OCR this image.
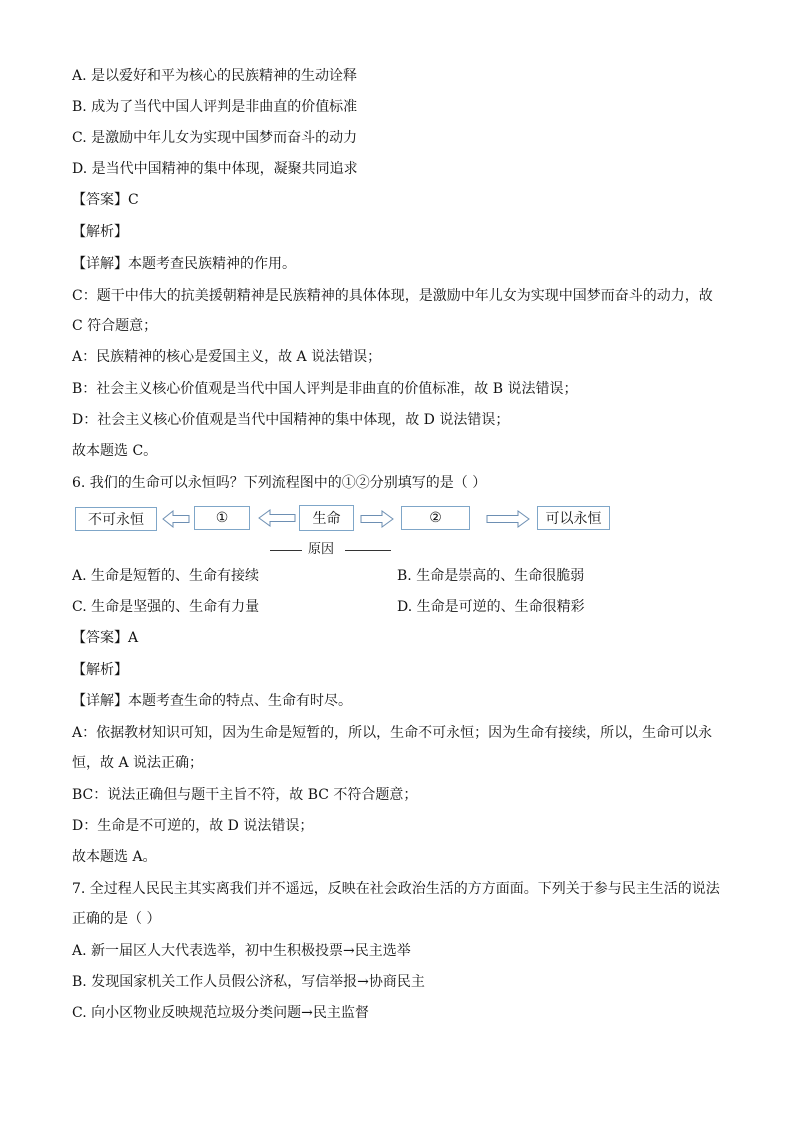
A. 是以爱好和平为核心的民族精神的生动诠释
B. 成为了当代中国人评判是非曲直的价值标准
C. 是激励中年儿女为实现中国梦而奋斗的动力
D. 是当代中国精神的集中体现，凝聚共同追求
【答案】C
【解析】
【详解】本题考查民族精神的作用。
C：题干中伟大的抗美援朝精神是民族精神的具体体现，是激励中年儿女为实现中国梦而奋斗的动力，故
C 符合题意；
A：民族精神的核心是爱国主义，故 A 说法错误；
B：社会主义核心价值观是当代中国人评判是非曲直的价值标准，故 B 说法错误；
D：社会主义核心价值观是当代中国精神的集中体现，故 D 说法错误；
故本题选 C。
6. 我们的生命可以永恒吗？下列流程图中的①②分别填写的是（ ）
不可永恒	①	生命	②	可以永恒
原因
A. 生命是短暂的、生命有接续	B. 生命是崇高的、生命很脆弱
C. 生命是坚强的、生命有力量	D. 生命是可逆的、生命很精彩
【答案】A
【解析】
【详解】本题考查生命的特点、生命有时尽。
A：依据教材知识可知，因为生命是短暂的，所以，生命不可永恒；因为生命有接续，所以，生命可以永
恒，故 A 说法正确；
BC：说法正确但与题干主旨不符，故 BC 不符合题意；
D：生命是不可逆的，故 D 说法错误；
故本题选 A。
7. 全过程人民民主其实离我们并不遥远，反映在社会政治生活的方方面面。下列关于参与民主生活的说法
正确的是（ ）
A. 新一届区人大代表选举，初中生积极投票→民主选举
B. 发现国家机关工作人员假公济私，写信举报→协商民主
C. 向小区物业反映规范垃圾分类问题→民主监督
